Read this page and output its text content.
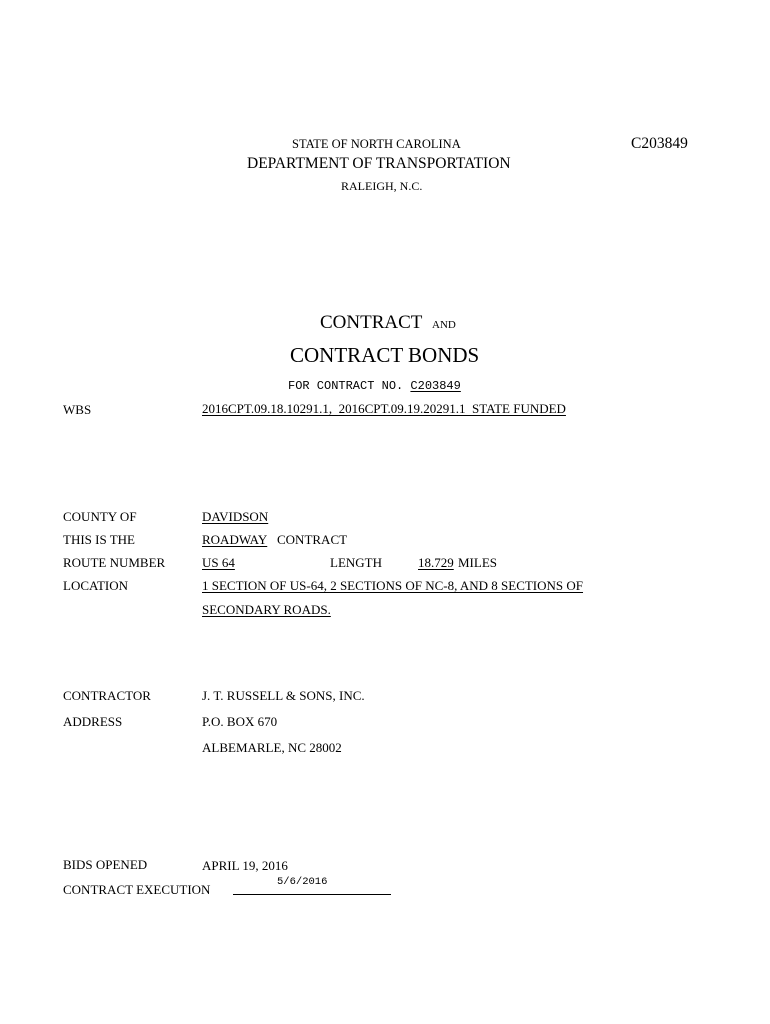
STATE OF NORTH CAROLINA
DEPARTMENT OF TRANSPORTATION
RALEIGH, N.C.
C203849
CONTRACT AND
CONTRACT BONDS
FOR CONTRACT NO. C203849
WBS	2016CPT.09.18.10291.1,  2016CPT.09.19.20291.1  STATE FUNDED
COUNTY OF	DAVIDSON
THIS IS THE	ROADWAY CONTRACT
ROUTE NUMBER	US 64	LENGTH	18.729 MILES
LOCATION	1 SECTION OF US-64, 2 SECTIONS OF NC-8, AND 8 SECTIONS OF
SECONDARY ROADS.
CONTRACTOR	J. T. RUSSELL & SONS, INC.
ADDRESS	P.O. BOX 670
ALBEMARLE, NC 28002
BIDS OPENED	APRIL 19, 2016
CONTRACT EXECUTION	5/6/2016
